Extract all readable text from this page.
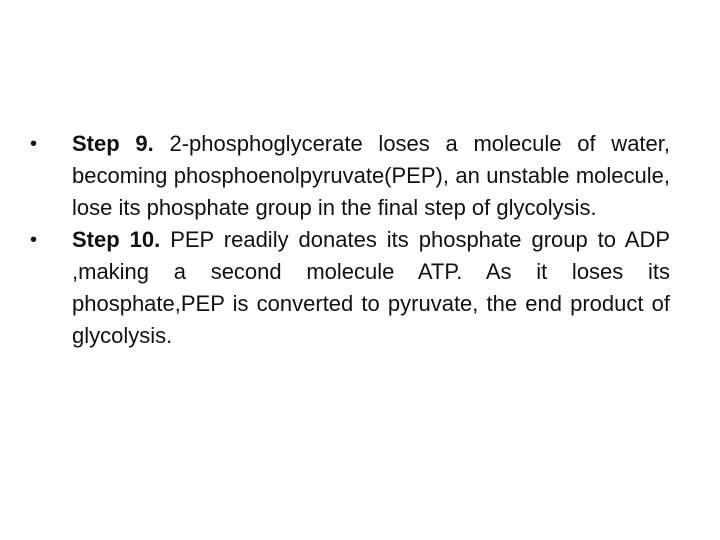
•	Step 9. 2-phosphoglycerate loses a molecule of water, becoming phosphoenolpyruvate(PEP), an unstable molecule, lose its phosphate group in the final step of glycolysis.
•	Step 10. PEP readily donates its phosphate group to ADP ,making a second molecule ATP. As it loses its phosphate,PEP is converted to pyruvate, the end product of glycolysis.
